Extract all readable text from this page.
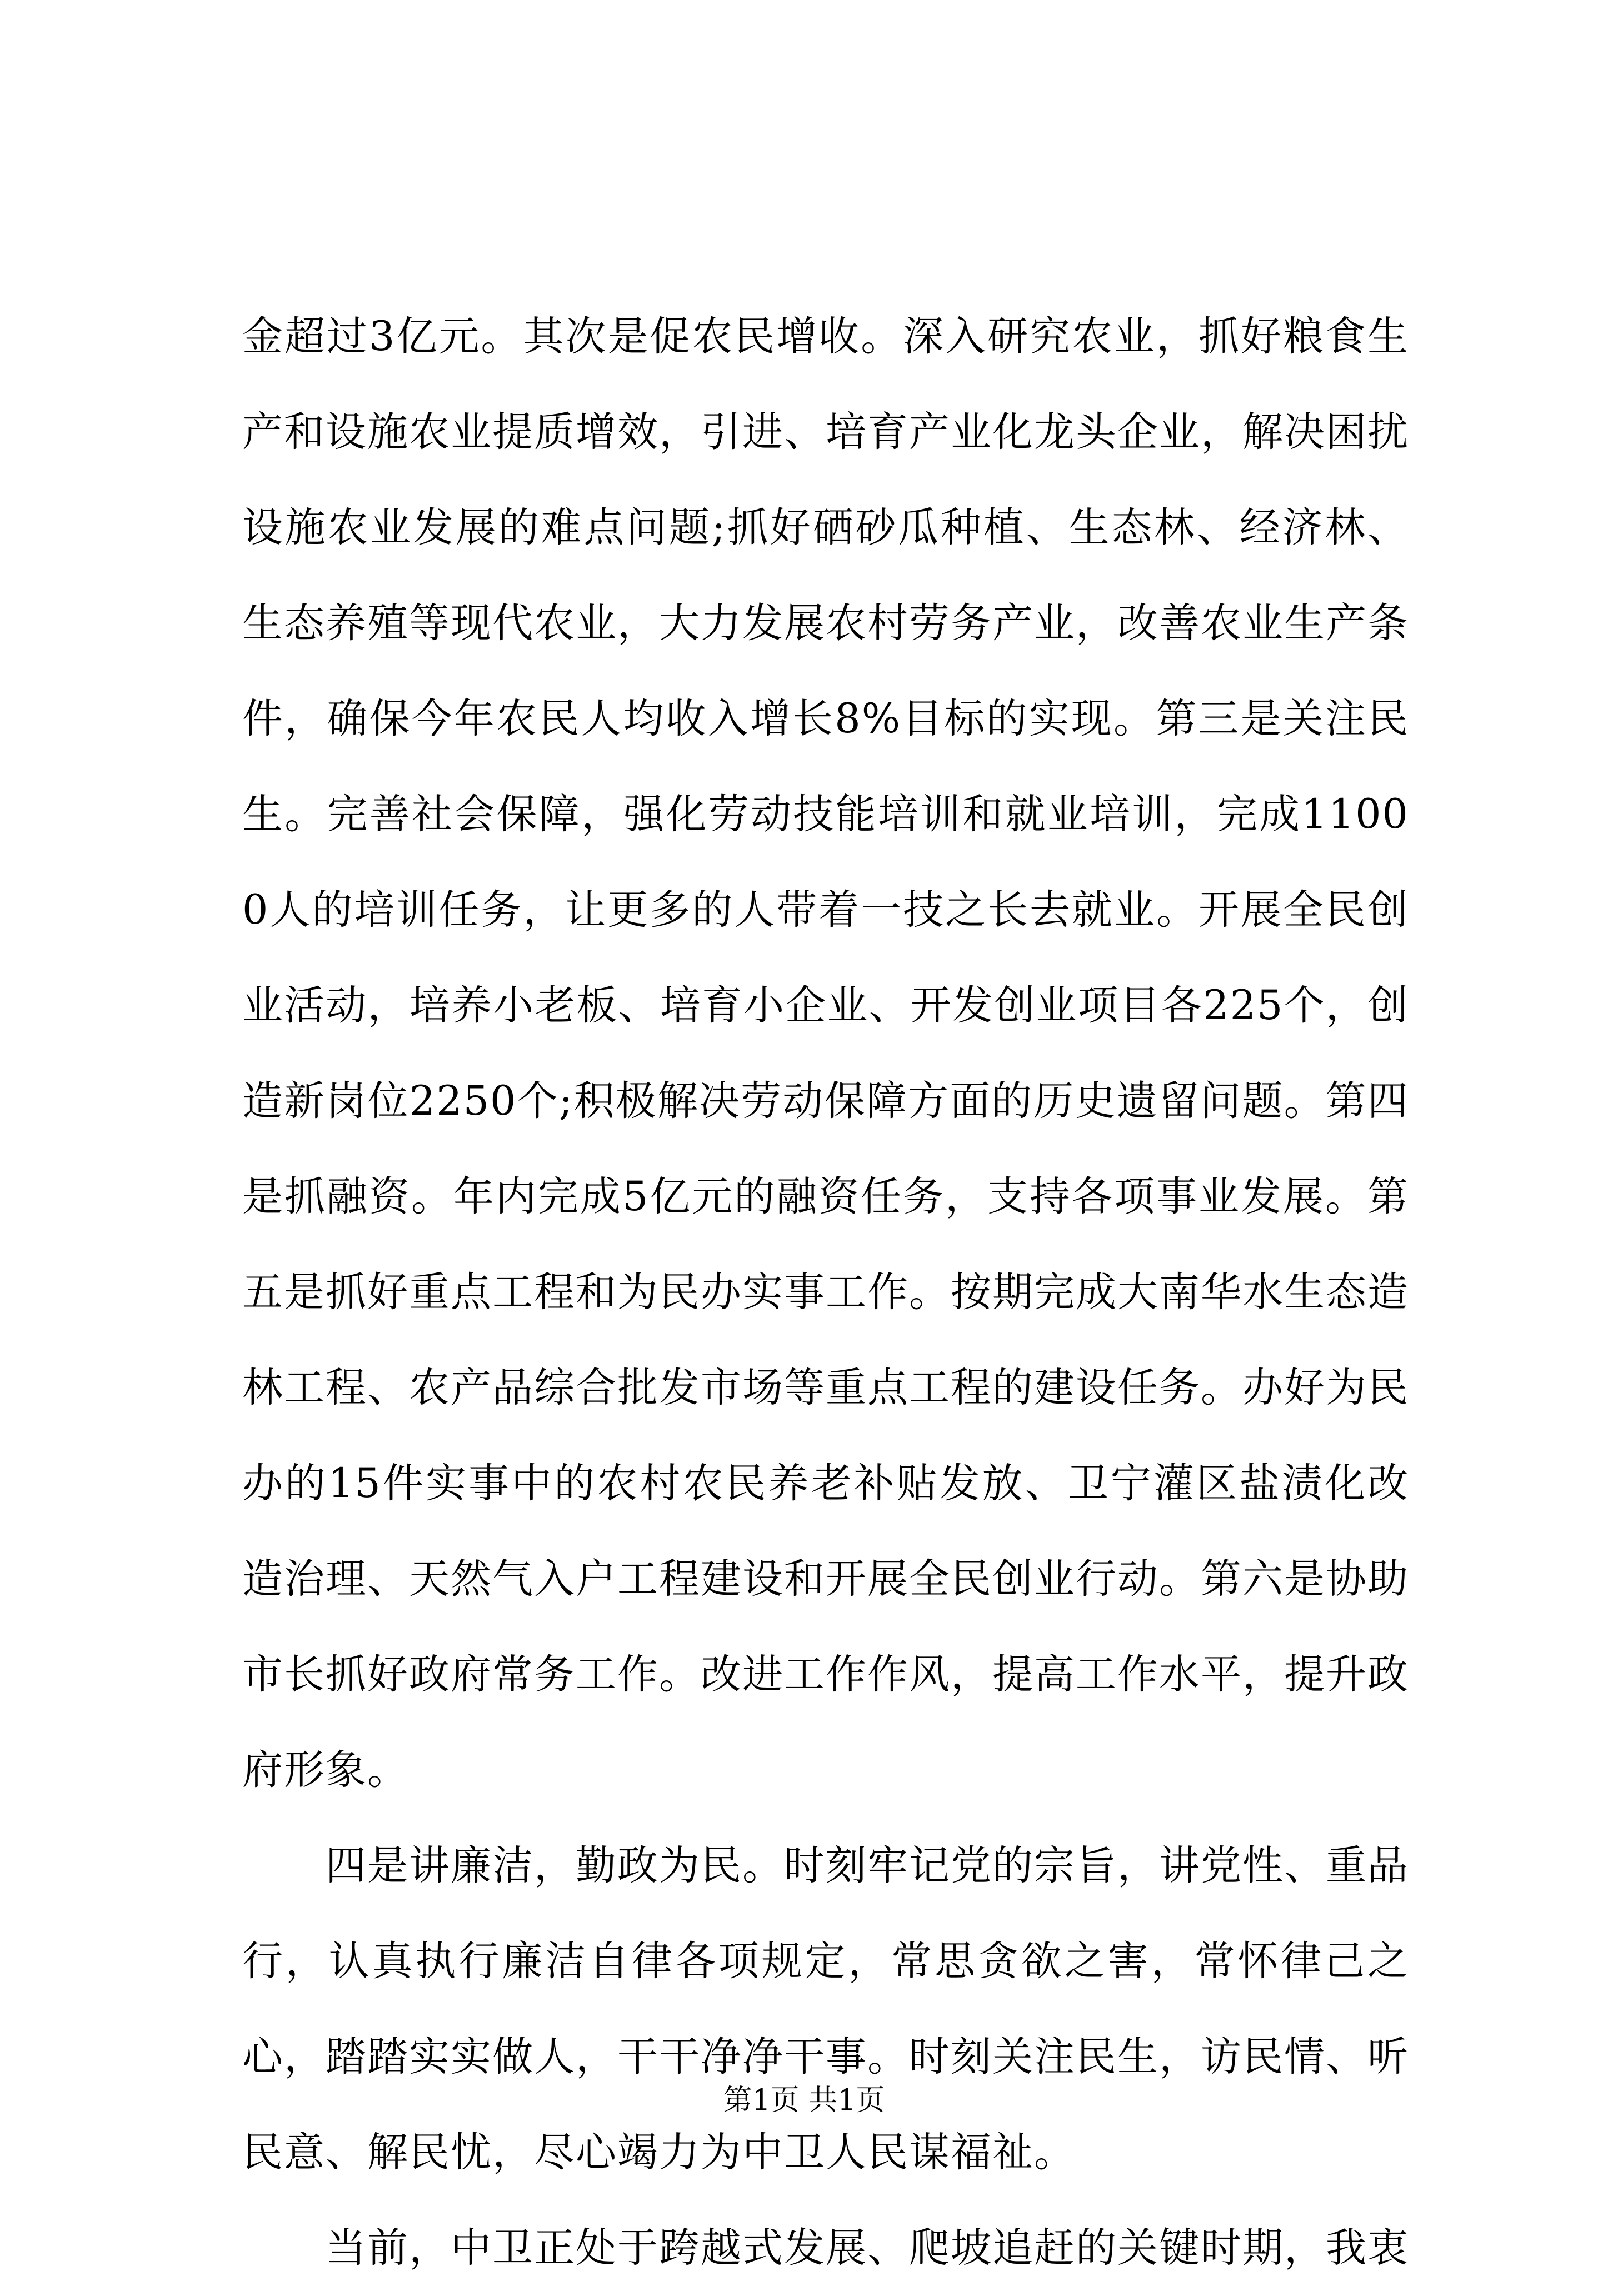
金超过3亿元。其次是促农民增收。深入研究农业，抓好粮食生产和设施农业提质增效，引进、培育产业化龙头企业，解决困扰设施农业发展的难点问题;抓好硒砂瓜种植、生态林、经济林、生态养殖等现代农业，大力发展农村劳务产业，改善农业生产条件，确保今年农民人均收入增长8%目标的实现。第三是关注民生。完善社会保障，强化劳动技能培训和就业培训，完成11000人的培训任务，让更多的人带着一技之长去就业。开展全民创业活动，培养小老板、培育小企业、开发创业项目各225个，创造新岗位2250个;积极解决劳动保障方面的历史遗留问题。第四是抓融资。年内完成5亿元的融资任务，支持各项事业发展。第五是抓好重点工程和为民办实事工作。按期完成大南华水生态造林工程、农产品综合批发市场等重点工程的建设任务。办好为民办的15件实事中的农村农民养老补贴发放、卫宁灌区盐渍化改造治理、天然气入户工程建设和开展全民创业行动。第六是协助市长抓好政府常务工作。改进工作作风，提高工作水平，提升政府形象。

四是讲廉洁，勤政为民。时刻牢记党的宗旨，讲党性、重品行，认真执行廉洁自律各项规定，常思贪欲之害，常怀律己之心，踏踏实实做人，干干净净干事。时刻关注民生，访民情、听民意、解民忧，尽心竭力为中卫人民谋福祉。

当前，中卫正处于跨越式发展、爬坡追赶的关键时期，我衷

第1页 共1页
